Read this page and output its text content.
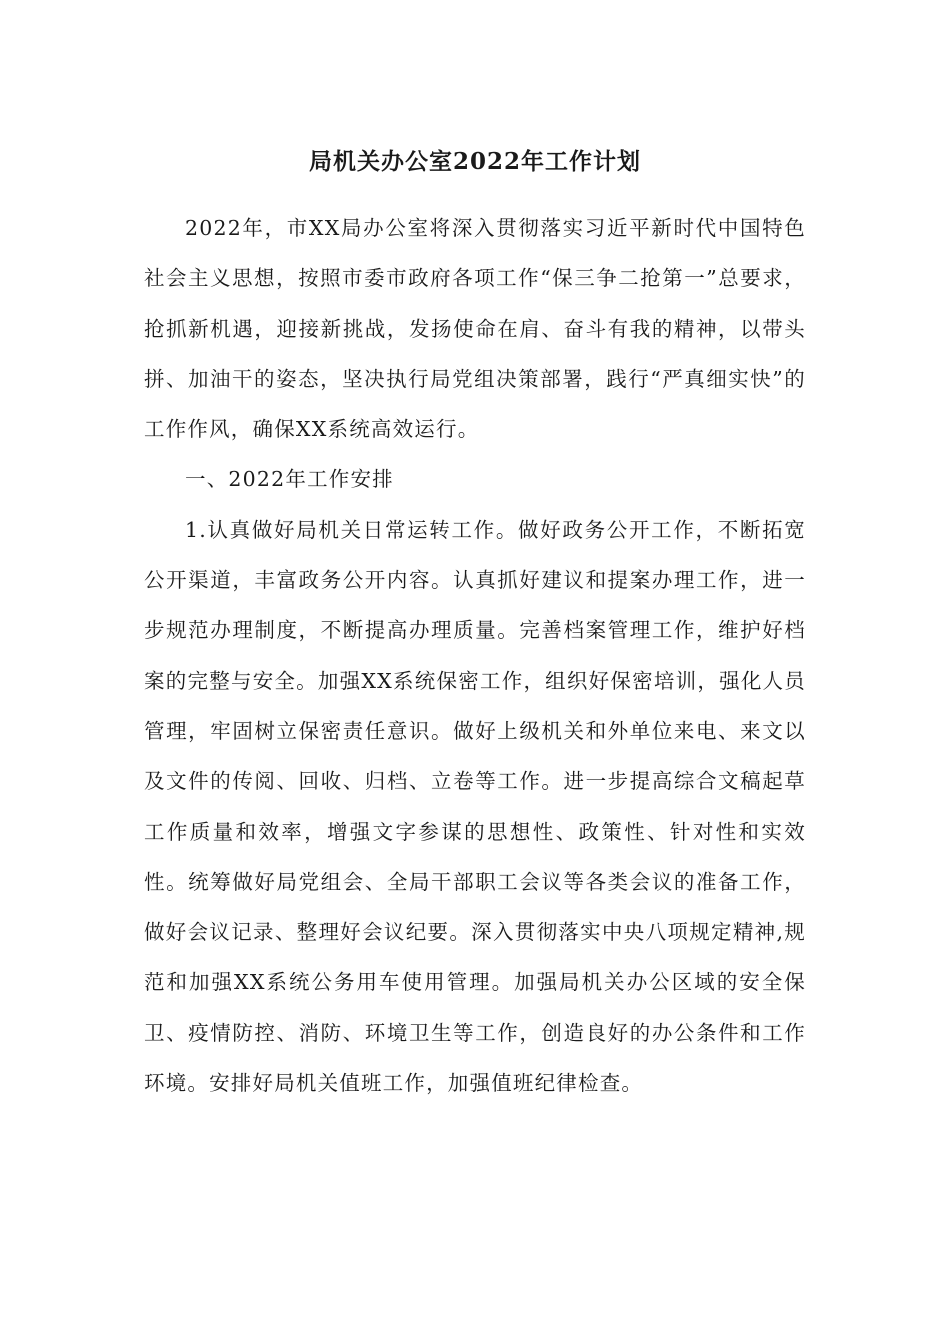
局机关办公室2022年工作计划

2022年，市XX局办公室将深入贯彻落实习近平新时代中国特色社会主义思想，按照市委市政府各项工作“保三争二抢第一”总要求，抢抓新机遇，迎接新挑战，发扬使命在肩、奋斗有我的精神，以带头拼、加油干的姿态，坚决执行局党组决策部署，践行“严真细实快”的工作作风，确保XX系统高效运行。

一、2022年工作安排

1.认真做好局机关日常运转工作。做好政务公开工作，不断拓宽公开渠道，丰富政务公开内容。认真抓好建议和提案办理工作，进一步规范办理制度，不断提高办理质量。完善档案管理工作，维护好档案的完整与安全。加强XX系统保密工作，组织好保密培训，强化人员管理，牢固树立保密责任意识。做好上级机关和外单位来电、来文以及文件的传阅、回收、归档、立卷等工作。进一步提高综合文稿起草工作质量和效率，增强文字参谋的思想性、政策性、针对性和实效性。统筹做好局党组会、全局干部职工会议等各类会议的准备工作，做好会议记录、整理好会议纪要。深入贯彻落实中央八项规定精神,规范和加强XX系统公务用车使用管理。加强局机关办公区域的安全保卫、疫情防控、消防、环境卫生等工作，创造良好的办公条件和工作环境。安排好局机关值班工作，加强值班纪律检查。
